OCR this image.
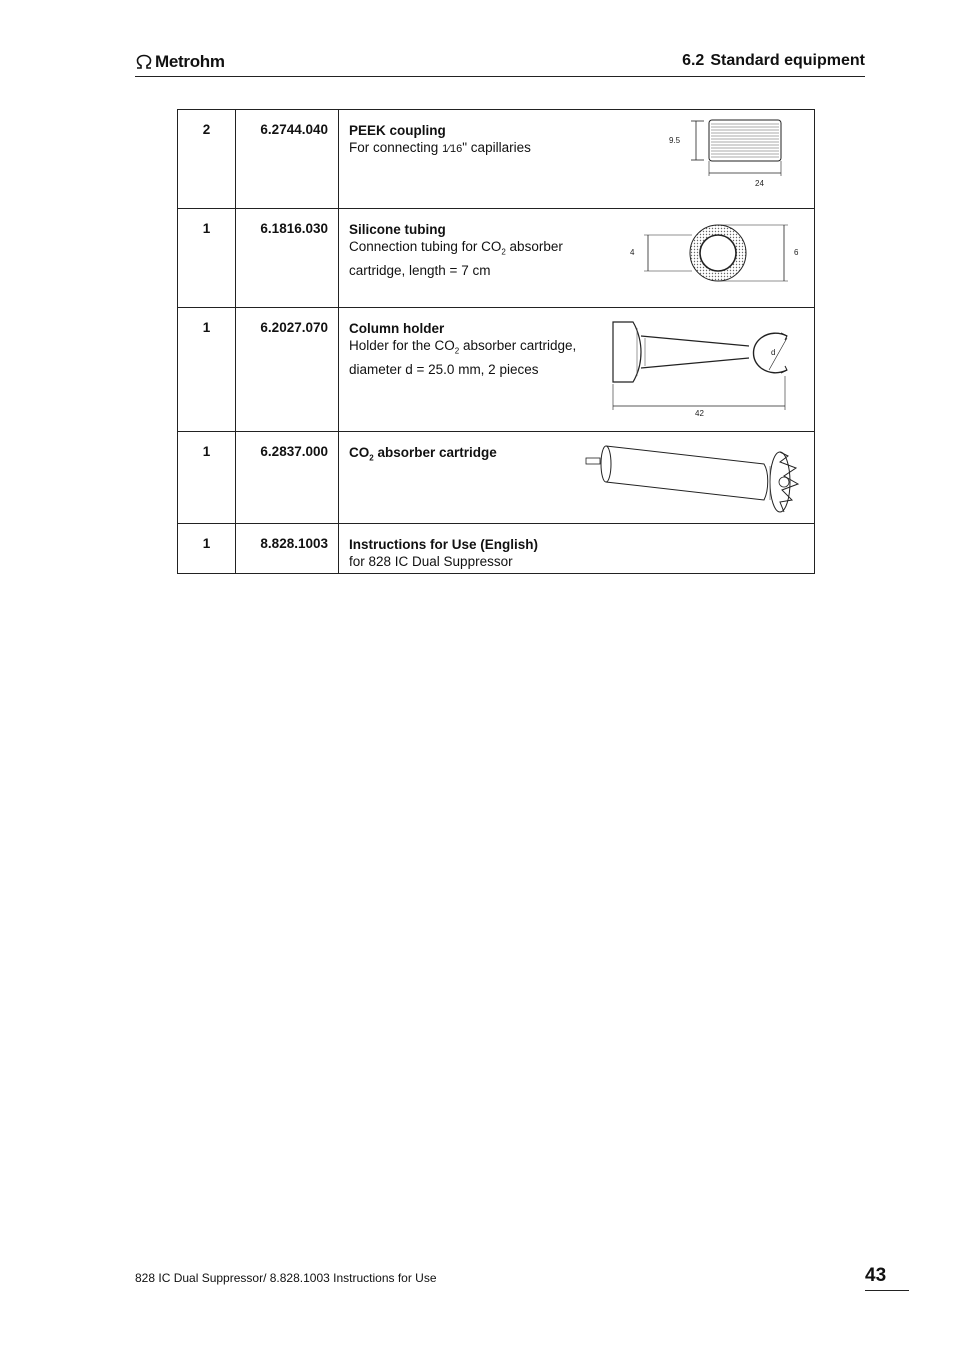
Metrohm	6.2 Standard equipment
2	6.2744.040	PEEK coupling
For connecting 1⁄16" capillaries 9.5
24

1	6.1816.030	Silicone tubing
Connection tubing for $CO_2$ absorber
cartridge, length = 7 cm
4 6

1	6.2027.070	Column holder
Holder for the $CO_2$ absorber cartridge,
diameter d = 25.0 mm, 2 pieces
d
42

1	6.2837.000	$CO_2$ absorber cartridge

1	8.828.1003	Instructions for Use (English)
for 828 IC Dual Suppressor
828 IC Dual Suppressor/ 8.828.1003 Instructions for Use	43
